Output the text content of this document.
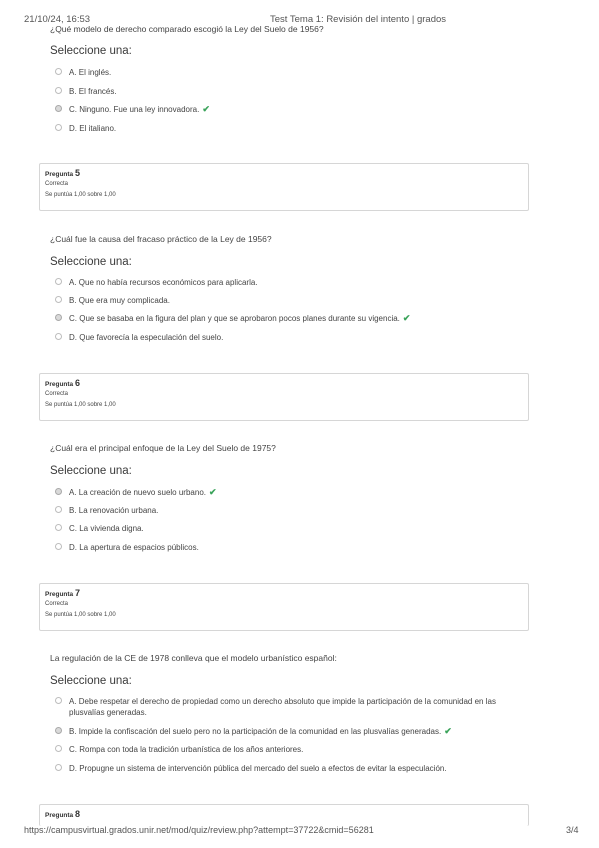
21/10/24, 16:53	Test Tema 1: Revisión del intento | grados
¿Qué modelo de derecho comparado escogió la Ley del Suelo de 1956?
Seleccione una:
A. El inglés.
B. El francés.
C. Ninguno. Fue una ley innovadora. ✔
D. El italiano.
Pregunta 5
Correcta
Se puntúa 1,00 sobre 1,00
¿Cuál fue la causa del fracaso práctico de la Ley de 1956?
Seleccione una:
A. Que no había recursos económicos para aplicarla.
B. Que era muy complicada.
C. Que se basaba en la figura del plan y que se aprobaron pocos planes durante su vigencia. ✔
D. Que favorecía la especulación del suelo.
Pregunta 6
Correcta
Se puntúa 1,00 sobre 1,00
¿Cuál era el principal enfoque de la Ley del Suelo de 1975?
Seleccione una:
A. La creación de nuevo suelo urbano. ✔
B. La renovación urbana.
C. La vivienda digna.
D. La apertura de espacios públicos.
Pregunta 7
Correcta
Se puntúa 1,00 sobre 1,00
La regulación de la CE de 1978 conlleva que el modelo urbanístico español:
Seleccione una:
A. Debe respetar el derecho de propiedad como un derecho absoluto que impide la participación de la comunidad en las plusvalías generadas.
B. Impide la confiscación del suelo pero no la participación de la comunidad en las plusvalías generadas. ✔
C. Rompa con toda la tradición urbanística de los años anteriores.
D. Propugne un sistema de intervención pública del mercado del suelo a efectos de evitar la especulación.
Pregunta 8
https://campusvirtual.grados.unir.net/mod/quiz/review.php?attempt=37722&cmid=56281	3/4
